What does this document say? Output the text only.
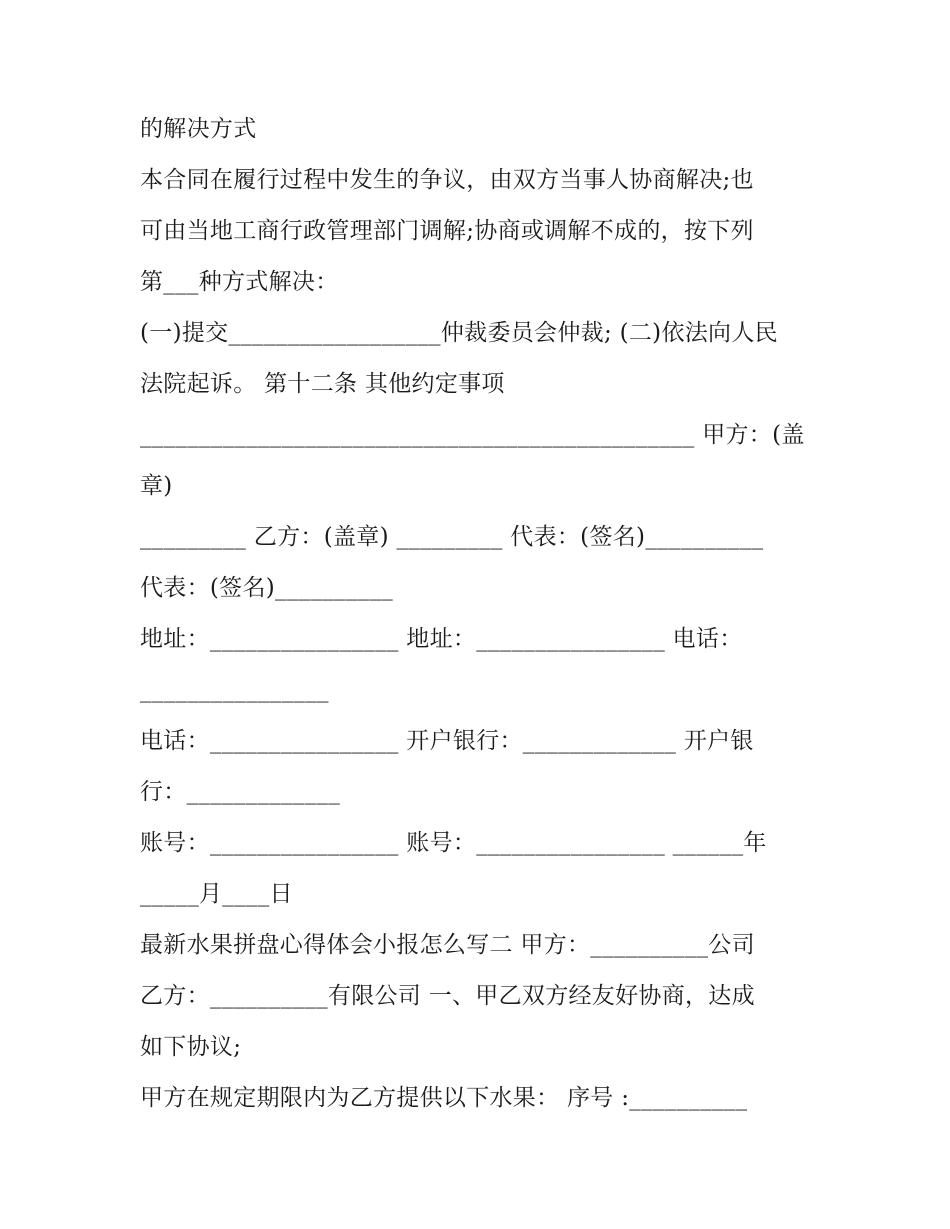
的解决方式
本合同在履行过程中发生的争议，由双方当事人协商解决;也
可由当地工商行政管理部门调解;协商或调解不成的，按下列
第___种方式解决：
(一)提交__________________仲裁委员会仲裁; (二)依法向人民
法院起诉。 第十二条 其他约定事项
_______________________________________________ 甲方：(盖
章)
_________ 乙方：(盖章) _________ 代表：(签名)__________
代表：(签名)__________
地址：________________ 地址：________________ 电话：
________________
电话：________________ 开户银行：_____________ 开户银
行：_____________
账号：________________ 账号：________________ ______年
_____月____日
最新水果拼盘心得体会小报怎么写二 甲方：__________公司
乙方：__________有限公司 一、甲乙双方经友好协商，达成
如下协议;
甲方在规定期限内为乙方提供以下水果： 序号 :__________
